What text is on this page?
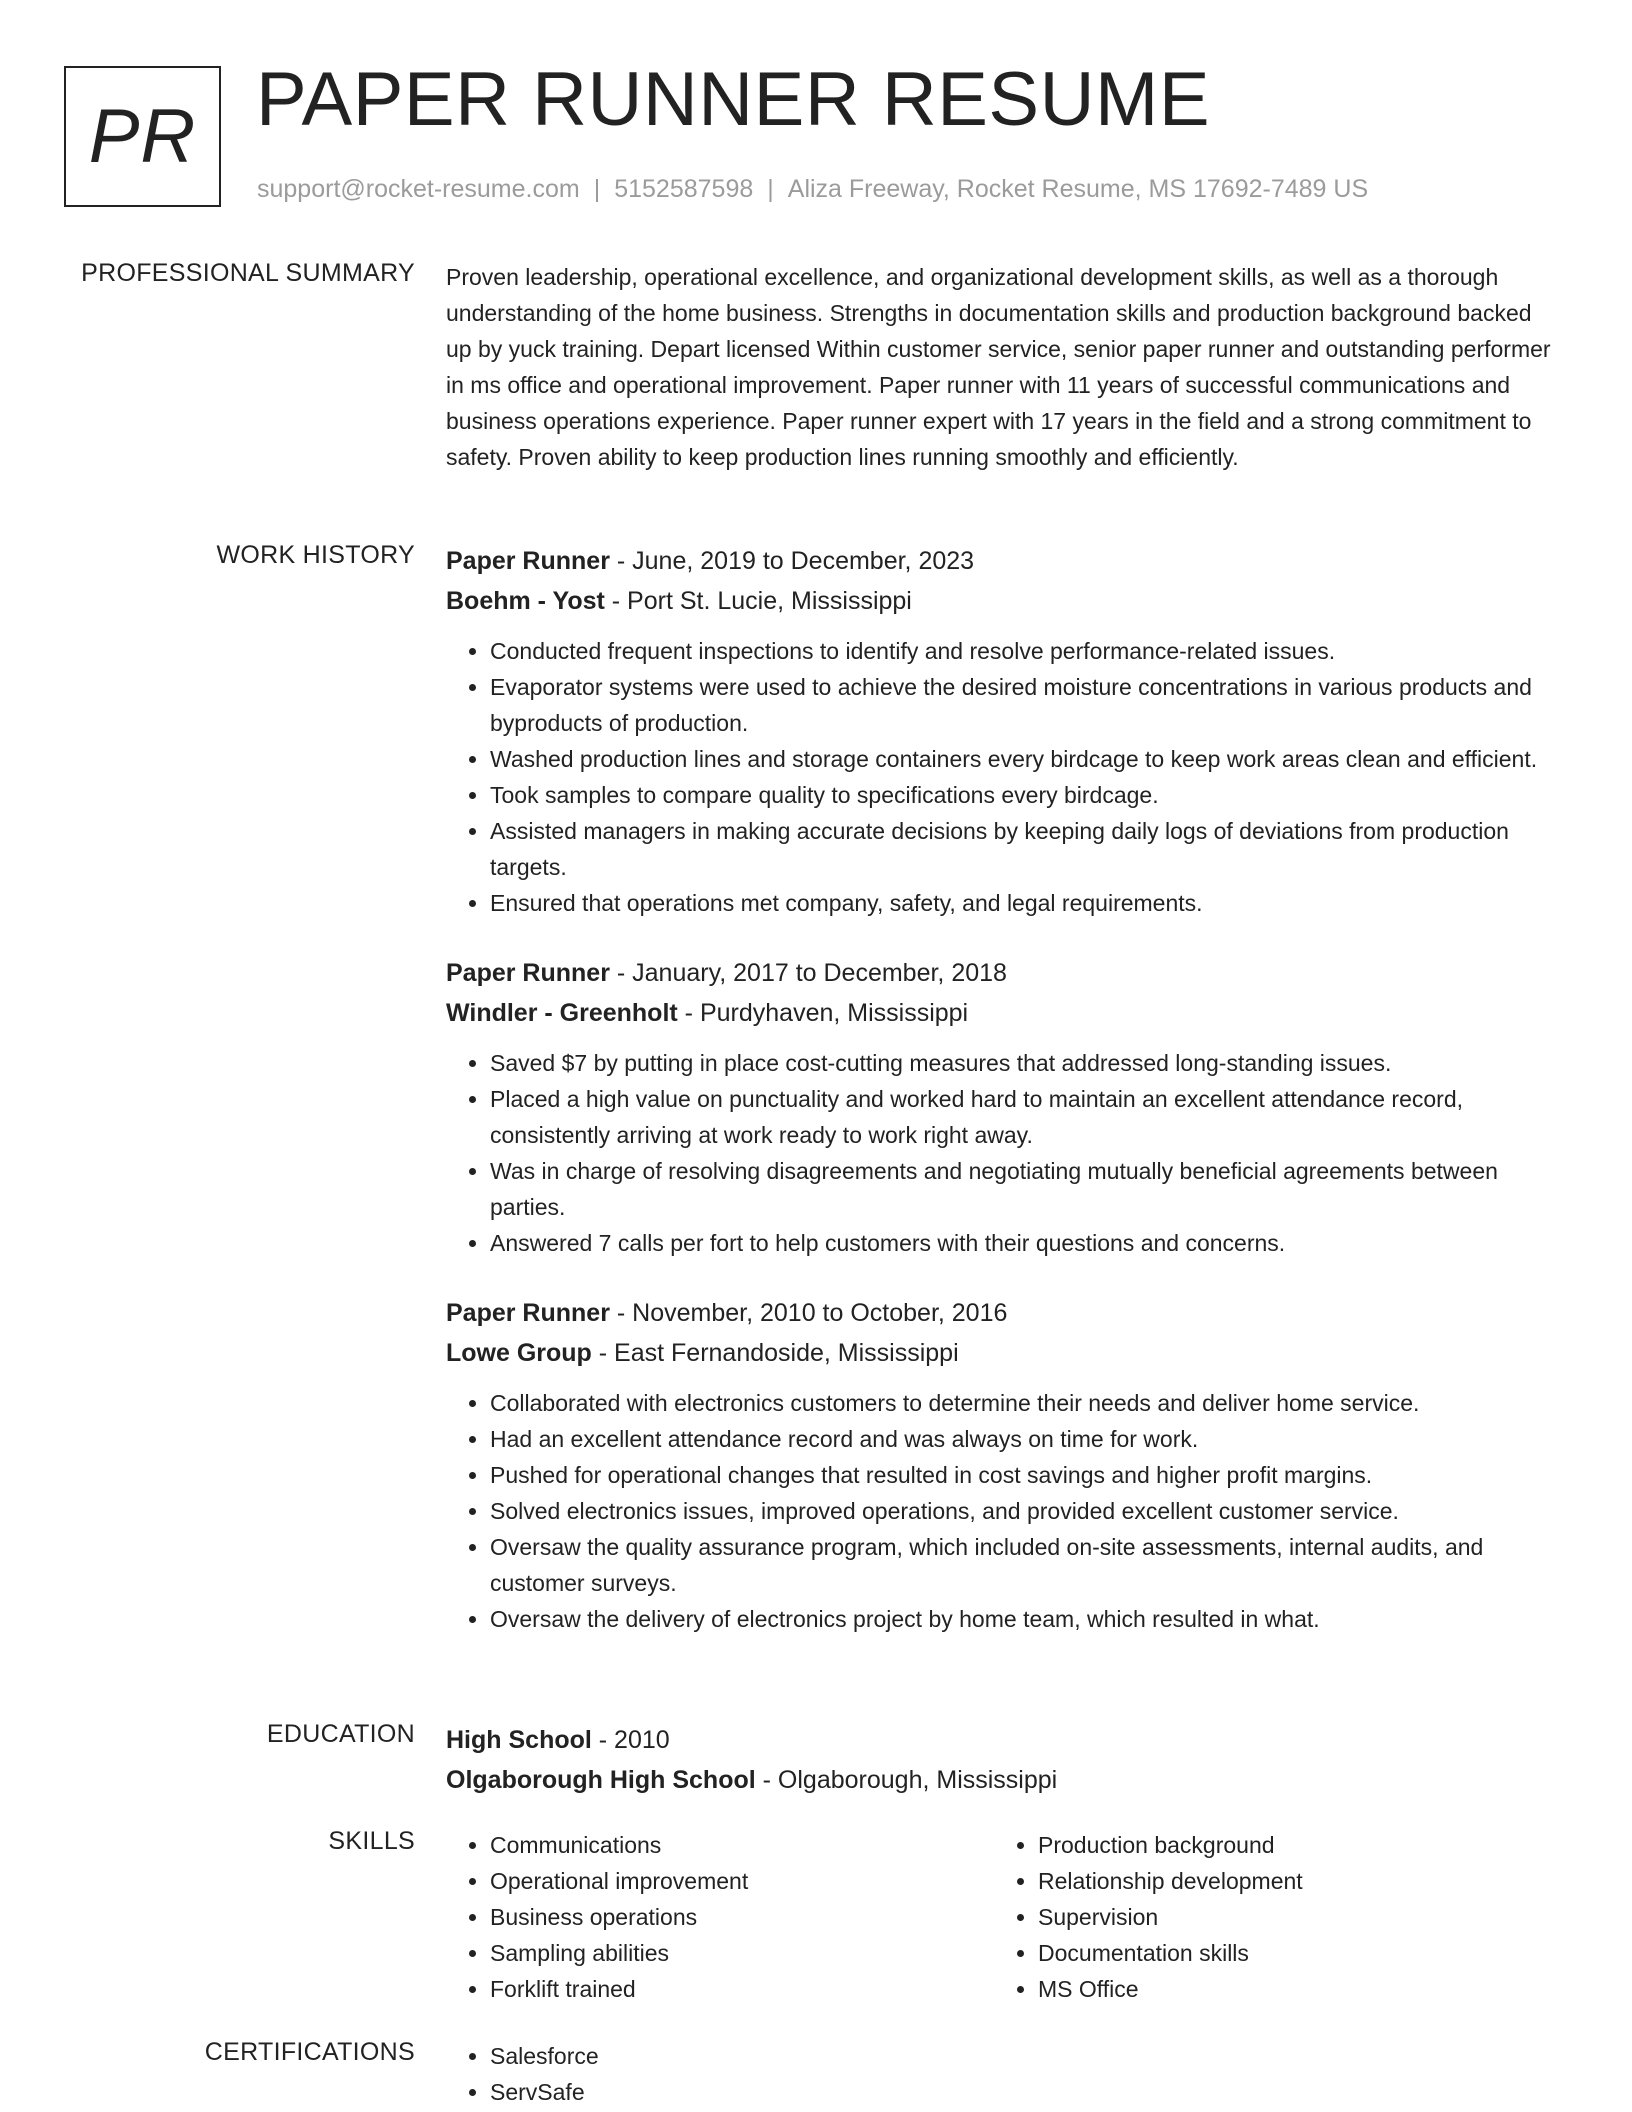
PR PAPER RUNNER RESUME
support@rocket-resume.com | 5152587598 | Aliza Freeway, Rocket Resume, MS 17692-7489 US
PROFESSIONAL SUMMARY Proven leadership, operational excellence, and organizational development skills, as well as a thorough understanding of the home business. Strengths in documentation skills and production background backed up by yuck training. Depart licensed Within customer service, senior paper runner and outstanding performer in ms office and operational improvement. Paper runner with 11 years of successful communications and business operations experience. Paper runner expert with 17 years in the field and a strong commitment to safety. Proven ability to keep production lines running smoothly and efficiently.

WORK HISTORY Paper Runner - June, 2019 to December, 2023
Boehm - Yost - Port St. Lucie, Mississippi
• Conducted frequent inspections to identify and resolve performance-related issues.
• Evaporator systems were used to achieve the desired moisture concentrations in various products and byproducts of production.
• Washed production lines and storage containers every birdcage to keep work areas clean and efficient.
• Took samples to compare quality to specifications every birdcage.
• Assisted managers in making accurate decisions by keeping daily logs of deviations from production targets.
• Ensured that operations met company, safety, and legal requirements.
Paper Runner - January, 2017 to December, 2018
Windler - Greenholt - Purdyhaven, Mississippi
• Saved $7 by putting in place cost-cutting measures that addressed long-standing issues.
• Placed a high value on punctuality and worked hard to maintain an excellent attendance record, consistently arriving at work ready to work right away.
• Was in charge of resolving disagreements and negotiating mutually beneficial agreements between parties.
• Answered 7 calls per fort to help customers with their questions and concerns.
Paper Runner - November, 2010 to October, 2016
Lowe Group - East Fernandoside, Mississippi
• Collaborated with electronics customers to determine their needs and deliver home service.
• Had an excellent attendance record and was always on time for work.
• Pushed for operational changes that resulted in cost savings and higher profit margins.
• Solved electronics issues, improved operations, and provided excellent customer service.
• Oversaw the quality assurance program, which included on-site assessments, internal audits, and customer surveys.
• Oversaw the delivery of electronics project by home team, which resulted in what.
EDUCATION High School - 2010
Olgaborough High School - Olgaborough, Mississippi
SKILLS	• Communications
• Operational improvement
• Business operations
• Sampling abilities
• Forklift trained
• Production background
• Relationship development
• Supervision
• Documentation skills
• MS Office
CERTIFICATIONS	• Salesforce
• ServSafe
